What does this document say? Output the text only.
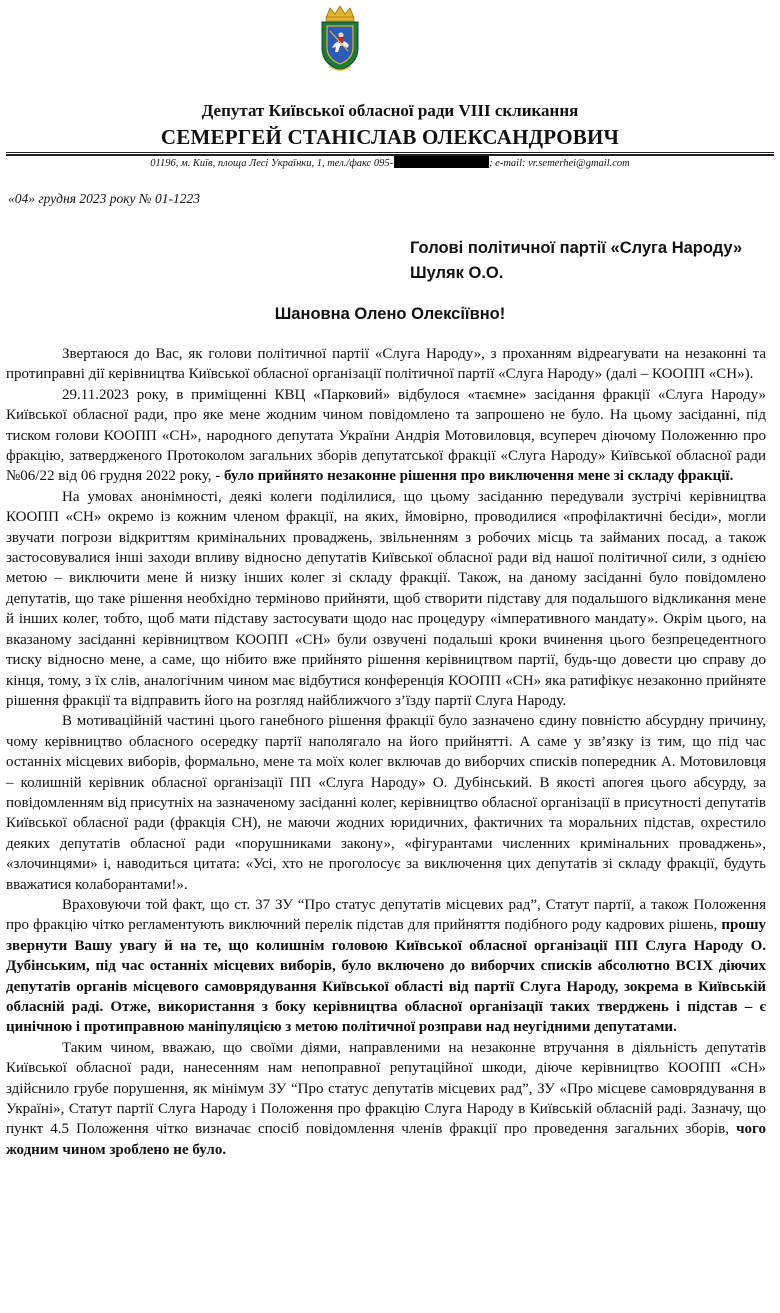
Депутат Київської обласної ради VIII скликання
СЕМЕРГЕЙ СТАНІСЛАВ ОЛЕКСАНДРОВИЧ
01196, м. Київ, площа Лесі Українки, 1, тел./факс 095-	; e-mail: vr.semerhei@gmail.com
«04» грудня 2023 року № 01-1223
Голові політичної партії «Слуга Народу»
Шуляк О.О.
Шановна Олено Олексіївно!

Звертаюся до Вас, як голови політичної партії «Слуга Народу», з проханням відреагувати на незаконні та протиправні дії керівництва Київської обласної організації політичної партії «Слуга Народу» (далі – КООПП «СН»).

29.11.2023 року, в приміщенні КВЦ «Парковий» відбулося «таємне» засідання фракції «Слуга Народу» Київської обласної ради, про яке мене жодним чином повідомлено та запрошено не було. На цьому засіданні, під тиском голови КООПП «СН», народного депутата України Андрія Мотовиловця, всупереч діючому Положенню про фракцію, затвердженого Протоколом загальних зборів депутатської фракції «Слуга Народу» Київської обласної ради №06/22 від 06 грудня 2022 року, - було прийнято незаконне рішення про виключення мене зі складу фракції.

На умовах анонімності, деякі колеги поділилися, що цьому засіданню передували зустрічі керівництва КООПП «СН» окремо із кожним членом фракції, на яких, ймовірно, проводилися «профілактичні бесіди», могли звучати погрози відкриттям кримінальних проваджень, звільненням з робочих місць та займаних посад, а також застосовувалися інші заходи впливу відносно депутатів Київської обласної ради від нашої політичної сили, з однією метою – виключити мене й низку інших колег зі складу фракції. Також, на даному засіданні було повідомлено депутатів, що таке рішення необхідно терміново прийняти, щоб створити підставу для подальшого відкликання мене й інших колег, тобто, щоб мати підставу застосувати щодо нас процедуру «імперативного мандату». Окрім цього, на вказаному засіданні керівництвом КООПП «СН» були озвучені подальші кроки вчинення цього безпрецедентного тиску відносно мене, а саме, що нібито вже прийнято рішення керівництвом партії, будь-що довести цю справу до кінця, тому, з їх слів, аналогічним чином має відбутися конференція КООПП «СН» яка ратифікує незаконно прийняте рішення фракції та відправить його на розгляд найближчого з’їзду партії Слуга Народу.

В мотиваційній частині цього ганебного рішення фракції було зазначено єдину повністю абсурдну причину, чому керівництво обласного осередку партії наполягало на його прийнятті. А саме у зв’язку із тим, що під час останніх місцевих виборів, формально, мене та моїх колег включав до виборчих списків попередник А. Мотовиловця – колишній керівник обласної організації ПП «Слуга Народу» О. Дубінський. В якості апогея цього абсурду, за повідомленням від присутніх на зазначеному засіданні колег, керівництво обласної організації в присутності депутатів Київської обласної ради (фракція СН), не маючи жодних юридичних, фактичних та моральних підстав, охрестило деяких депутатів обласної ради «порушниками закону», «фігурантами численних кримінальних проваджень», «злочинцями» і, наводиться цитата: «Усі, хто не проголосує за виключення цих депутатів зі складу фракції, будуть вважатися колаборантами!».

Враховуючи той факт, що ст. 37 ЗУ “Про статус депутатів місцевих рад”, Статут партії, а також Положення про фракцію чітко регламентують виключний перелік підстав для прийняття подібного роду кадрових рішень, прошу звернути Вашу увагу й на те, що колишнім головою Київської обласної організації ПП Слуга Народу О. Дубінським, під час останніх місцевих виборів, було включено до виборчих списків абсолютно ВСІХ діючих депутатів органів місцевого самоврядування Київської області від партії Слуга Народу, зокрема в Київській обласній раді. Отже, використання з боку керівництва обласної організації таких тверджень і підстав – є цинічною і протиправною маніпуляцією з метою політичної розправи над неугідними депутатами.

Таким чином, вважаю, що своїми діями, направленими на незаконне втручання в діяльність депутатів Київської обласної ради, нанесенням нам непоправної репутаційної шкоди, діюче керівництво КООПП «СН» здійснило грубе порушення, як мінімум ЗУ “Про статус депутатів місцевих рад”, ЗУ «Про місцеве самоврядування в Україні», Статут партії Слуга Народу і Положення про фракцію Слуга Народу в Київській обласній раді. Зазначу, що пункт 4.5 Положення чітко визначає спосіб повідомлення членів фракції про проведення загальних зборів, чого жодним чином зроблено не було.
